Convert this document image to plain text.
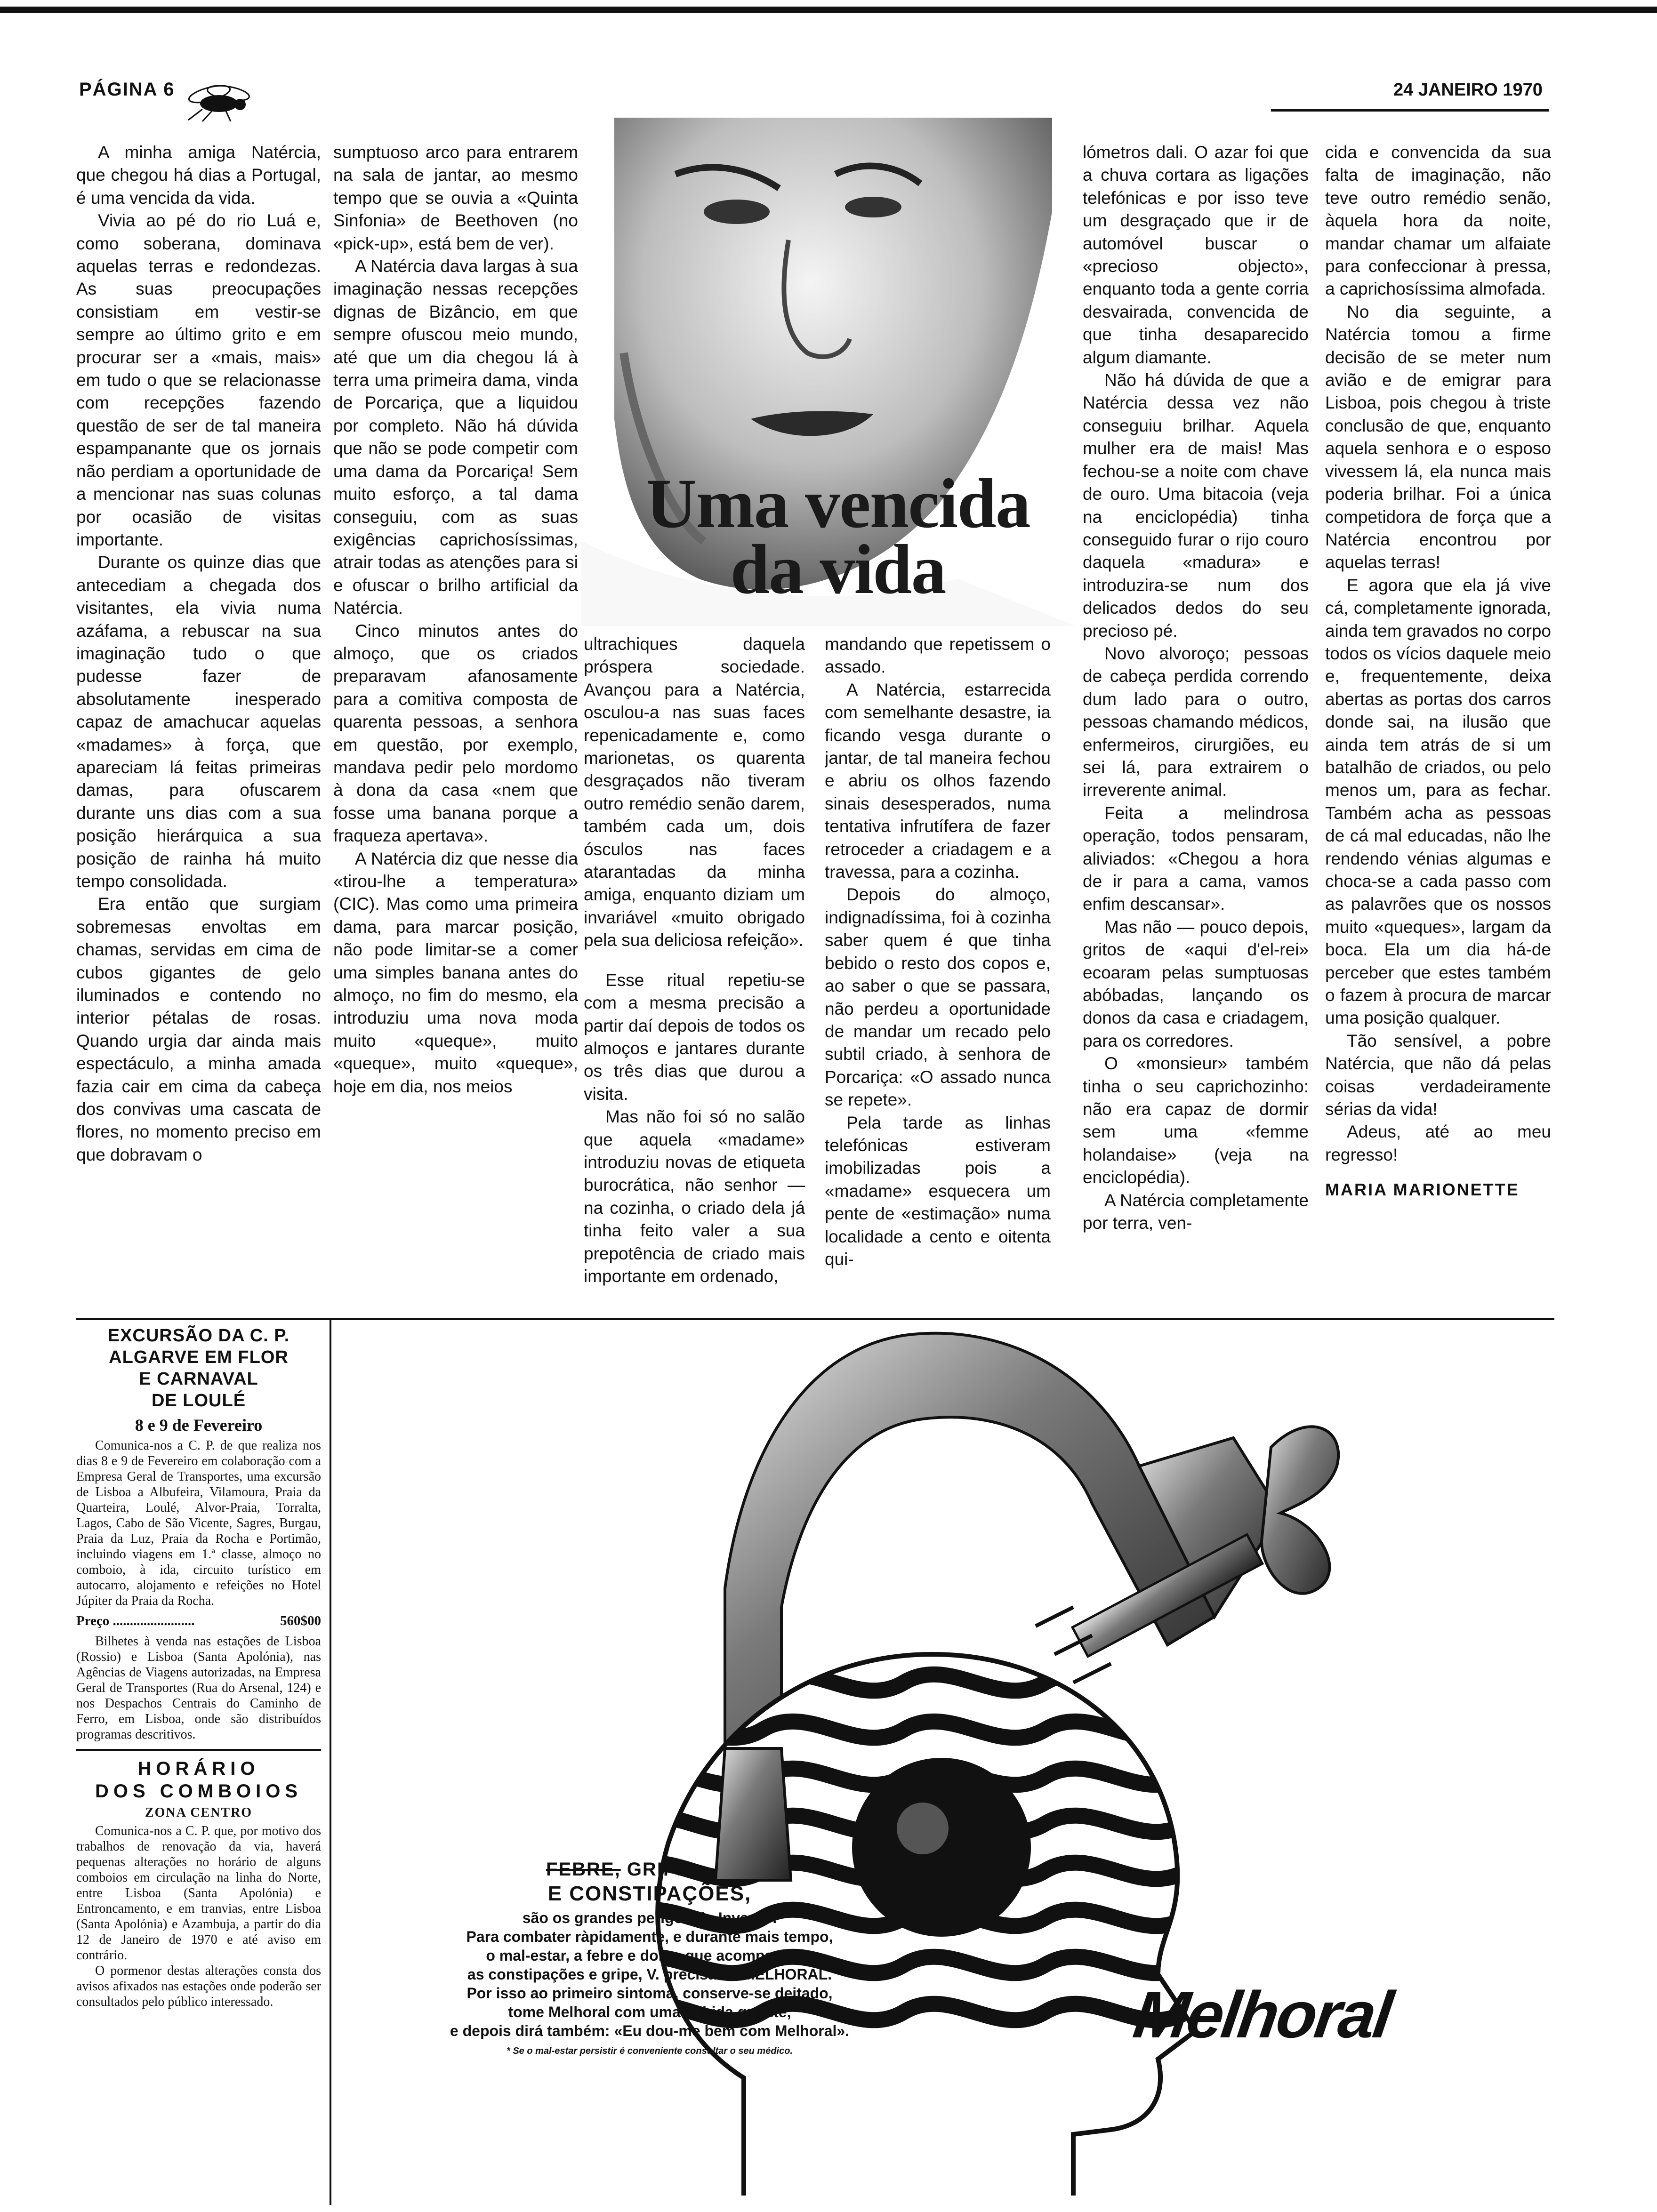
PÁGINA 6	24 JANEIRO 1970
Uma vencida
da vida

A minha amiga Natércia, que chegou há dias a Portugal, é uma vencida da vida.

Vivia ao pé do rio Luá e, como soberana, dominava aquelas terras e redondezas. As suas preocupações consistiam em vestir-se sempre ao último grito e em procurar ser a «mais, mais» em tudo o que se relacionasse com recepções fazendo questão de ser de tal maneira espampanante que os jornais não perdiam a oportunidade de a mencionar nas suas colunas por ocasião de visitas importante.

Durante os quinze dias que antecediam a chegada dos visitantes, ela vivia numa azáfama, a rebuscar na sua imaginação tudo o que pudesse fazer de absolutamente inesperado capaz de amachucar aquelas «madames» à força, que apareciam lá feitas primeiras damas, para ofuscarem durante uns dias com a sua posição hierárquica a sua posição de rainha há muito tempo consolidada.

Era então que surgiam sobremesas envoltas em chamas, servidas em cima de cubos gigantes de gelo iluminados e contendo no interior pétalas de rosas. Quando urgia dar ainda mais espectáculo, a minha amada fazia cair em cima da cabeça dos convivas uma cascata de flores, no momento preciso em que dobravam o

sumptuoso arco para entrarem na sala de jantar, ao mesmo tempo que se ouvia a «Quinta Sinfonia» de Beethoven (no «pick-up», está bem de ver).

A Natércia dava largas à sua imaginação nessas recepções dignas de Bizâncio, em que sempre ofuscou meio mundo, até que um dia chegou lá à terra uma primeira dama, vinda de Porcariça, que a liquidou por completo. Não há dúvida que não se pode competir com uma dama da Porcariça! Sem muito esforço, a tal dama conseguiu, com as suas exigências caprichosíssimas, atrair todas as atenções para si e ofuscar o brilho artificial da Natércia.

Cinco minutos antes do almoço, que os criados preparavam afanosamente para a comitiva composta de quarenta pessoas, a senhora em questão, por exemplo, mandava pedir pelo mordomo à dona da casa «nem que fosse uma banana porque a fraqueza apertava».

A Natércia diz que nesse dia «tirou-lhe a temperatura» (CIC). Mas como uma primeira dama, para marcar posição, não pode limitar-se a comer uma simples banana antes do almoço, no fim do mesmo, ela introduziu uma nova moda muito «queque», muito «queque», muito «queque», hoje em dia, nos meios

ultrachiques daquela próspera sociedade. Avançou para a Natércia, osculou-a nas suas faces repenicadamente e, como marionetas, os quarenta desgraçados não tiveram outro remédio senão darem, também cada um, dois ósculos nas faces atarantadas da minha amiga, enquanto diziam um invariável «muito obrigado pela sua deliciosa refeição».

Esse ritual repetiu-se com a mesma precisão a partir daí depois de todos os almoços e jantares durante os três dias que durou a visita.

Mas não foi só no salão que aquela «madame» introduziu novas de etiqueta burocrática, não senhor — na cozinha, o criado dela já tinha feito valer a sua prepotência de criado mais importante em ordenado,

mandando que repetissem o assado.

A Natércia, estarrecida com semelhante desastre, ia ficando vesga durante o jantar, de tal maneira fechou e abriu os olhos fazendo sinais desesperados, numa tentativa infrutífera de fazer retroceder a criadagem e a travessa, para a cozinha.

Depois do almoço, indignadíssima, foi à cozinha saber quem é que tinha bebido o resto dos copos e, ao saber o que se passara, não perdeu a oportunidade de mandar um recado pelo subtil criado, à senhora de Porcariça: «O assado nunca se repete».

Pela tarde as linhas telefónicas estiveram imobilizadas pois a «madame» esquecera um pente de «estimação» numa localidade a cento e oitenta qui-

lómetros dali. O azar foi que a chuva cortara as ligações telefónicas e por isso teve um desgraçado que ir de automóvel buscar o «precioso objecto», enquanto toda a gente corria desvairada, convencida de que tinha desaparecido algum diamante.

Não há dúvida de que a Natércia dessa vez não conseguiu brilhar. Aquela mulher era de mais! Mas fechou-se a noite com chave de ouro. Uma bitacoia (veja na enciclopédia) tinha conseguido furar o rijo couro daquela «madura» e introduzira-se num dos delicados dedos do seu precioso pé.

Novo alvoroço; pessoas de cabeça perdida correndo dum lado para o outro, pessoas chamando médicos, enfermeiros, cirurgiões, eu sei lá, para extrairem o irreverente animal.

Feita a melindrosa operação, todos pensaram, aliviados: «Chegou a hora de ir para a cama, vamos enfim descansar».

Mas não — pouco depois, gritos de «aqui d'el-rei» ecoaram pelas sumptuosas abóbadas, lançando os donos da casa e criadagem, para os corredores.

O «monsieur» também tinha o seu caprichozinho: não era capaz de dormir sem uma «femme holandaise» (veja na enciclopédia).

A Natércia completamente por terra, ven-

cida e convencida da sua falta de imaginação, não teve outro remédio senão, àquela hora da noite, mandar chamar um alfaiate para confeccionar à pressa, a caprichosíssima almofada.

No dia seguinte, a Natércia tomou a firme decisão de se meter num avião e de emigrar para Lisboa, pois chegou à triste conclusão de que, enquanto aquela senhora e o esposo vivessem lá, ela nunca mais poderia brilhar. Foi a única competidora de força que a Natércia encontrou por aquelas terras!

E agora que ela já vive cá, completamente ignorada, ainda tem gravados no corpo todos os vícios daquele meio e, frequentemente, deixa abertas as portas dos carros donde sai, na ilusão que ainda tem atrás de si um batalhão de criados, ou pelo menos um, para as fechar. Também acha as pessoas de cá mal educadas, não lhe rendendo vénias algumas e choca-se a cada passo com as palavrões que os nossos muito «queques», largam da boca. Ela um dia há-de perceber que estes também o fazem à procura de marcar uma posição qualquer.

Tão sensível, a pobre Natércia, que não dá pelas coisas verdadeiramente sérias da vida!

Adeus, até ao meu regresso!

MARIA MARIONETTE

EXCURSÃO DA C. P.
ALGARVE EM FLOR
E CARNAVAL
DE LOULÉ
8 e 9 de Fevereiro

Comunica-nos a C. P. de que realiza nos dias 8 e 9 de Fevereiro em colaboração com a Empresa Geral de Transportes, uma excursão de Lisboa a Albufeira, Vilamoura, Praia da Quarteira, Loulé, Alvor-Praia, Torralta, Lagos, Cabo de São Vicente, Sagres, Burgau, Praia da Luz, Praia da Rocha e Portimão, incluindo viagens em 1.ª classe, almoço no comboio, à ida, circuito turístico em autocarro, alojamento e refeições no Hotel Júpiter da Praia da Rocha.

Preço ........................	560$00

Bilhetes à venda nas estações de Lisboa (Rossio) e Lisboa (Santa Apolónia), nas Agências de Viagens autorizadas, na Empresa Geral de Transportes (Rua do Arsenal, 124) e nos Despachos Centrais do Caminho de Ferro, em Lisboa, onde são distribuídos programas descritivos.

HORÁRIO
DOS COMBOIOS
ZONA CENTRO

Comunica-nos a C. P. que, por motivo dos trabalhos de renovação da via, haverá pequenas alterações no horário de alguns comboios em circulação na linha do Norte, entre Lisboa (Santa Apolónia) e Entroncamento, e em tranvias, entre Lisboa (Santa Apolónia) e Azambuja, a partir do dia 12 de Janeiro de 1970 e até aviso em contrário.

O pormenor destas alterações consta dos avisos afixados nas estações onde poderão ser consultados pelo público interessado.

FEBRE, GRIPE
E CONSTIPAÇÕES,
são os grandes perigos do Inverno.
Para combater ràpidamente, e durante mais tempo,
o mal-estar, a febre e dores que acompanham
as constipações e gripe, V. precisa de MELHORAL.
Por isso ao primeiro sintoma, conserve-se deitado,
tome Melhoral com uma bebida quente,
e depois dirá também: «Eu dou-me bem com Melhoral».
* Se o mal-estar persistir é conveniente consultar o seu médico.	Melhoral
